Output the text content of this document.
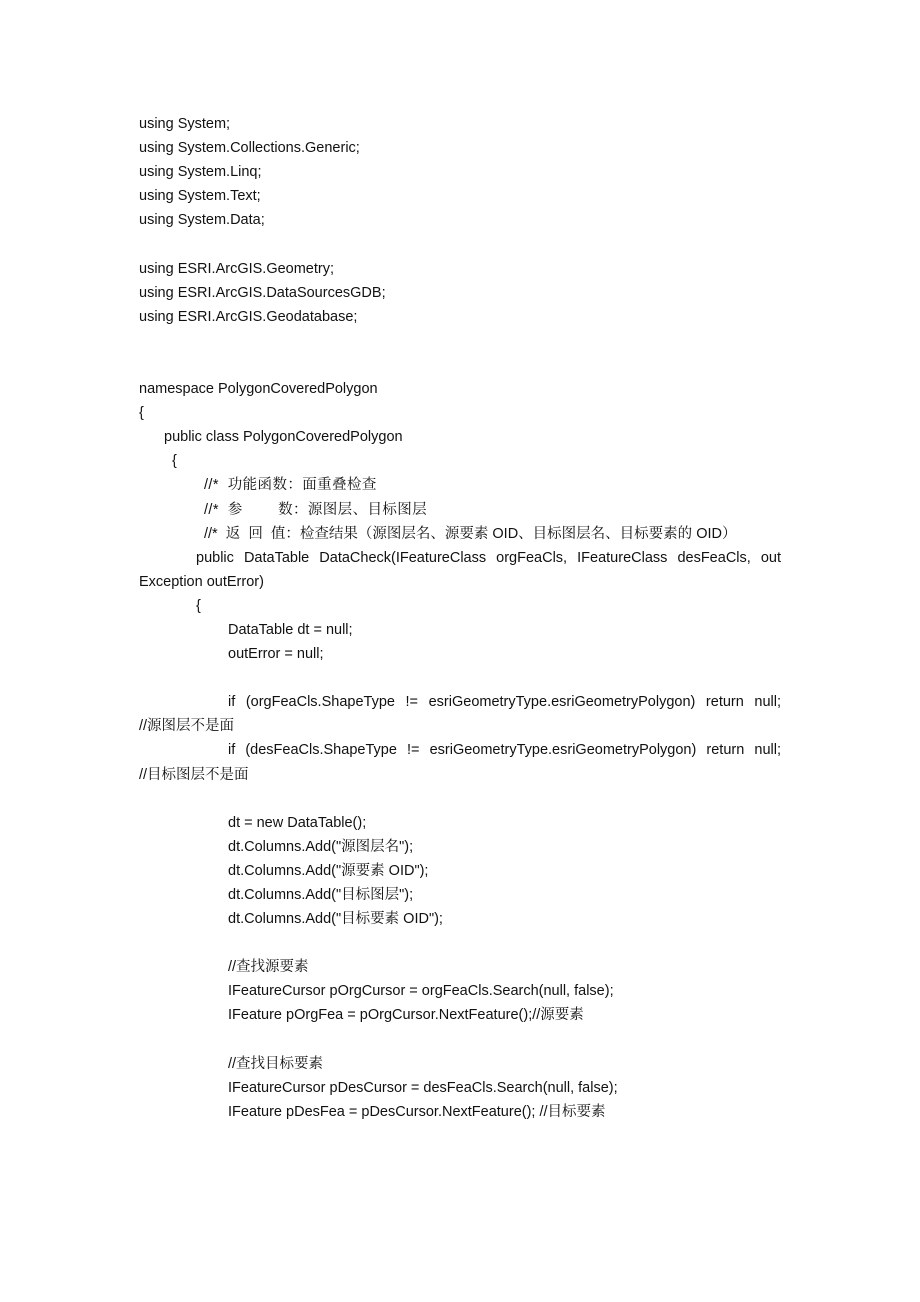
using System;
using System.Collections.Generic;
using System.Linq;
using System.Text;
using System.Data;
using ESRI.ArcGIS.Geometry;
using ESRI.ArcGIS.DataSourcesGDB;
using ESRI.ArcGIS.Geodatabase;
namespace PolygonCoveredPolygon
{
public class PolygonCoveredPolygon
{
//*  功能函数：面重叠检查
//*  参        数：源图层、目标图层
//*  返  回  值：检查结果（源图层名、源要素 OID、目标图层名、目标要素的 OID）
public DataTable DataCheck(IFeatureClass orgFeaCls, IFeatureClass desFeaCls, out
Exception outError)
{
DataTable dt = null;
outError = null;
if (orgFeaCls.ShapeType != esriGeometryType.esriGeometryPolygon) return null;
//源图层不是面
if (desFeaCls.ShapeType != esriGeometryType.esriGeometryPolygon) return null;
//目标图层不是面
dt = new DataTable();
dt.Columns.Add("源图层名");
dt.Columns.Add("源要素 OID");
dt.Columns.Add("目标图层");
dt.Columns.Add("目标要素 OID");
//查找源要素
IFeatureCursor pOrgCursor = orgFeaCls.Search(null, false);
IFeature pOrgFea = pOrgCursor.NextFeature();//源要素
//查找目标要素
IFeatureCursor pDesCursor = desFeaCls.Search(null, false);
IFeature pDesFea = pDesCursor.NextFeature(); //目标要素
